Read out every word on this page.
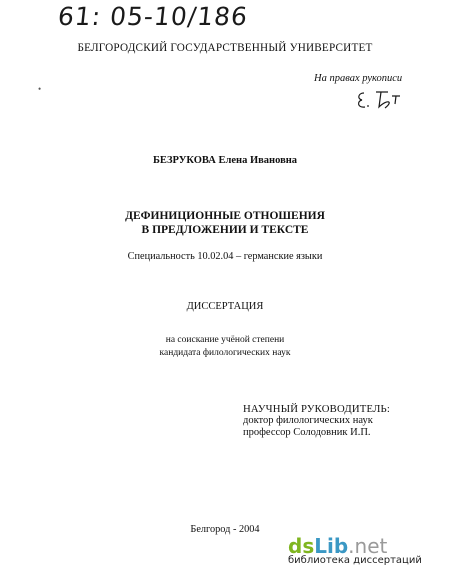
61: 05-10/186
БЕЛГОРОДСКИЙ ГОСУДАРСТВЕННЫЙ УНИВЕРСИТЕТ
На правах рукописи
•
БЕЗРУКОВА Елена Ивановна
ДЕФИНИЦИОННЫЕ ОТНОШЕНИЯ
В ПРЕДЛОЖЕНИИ И ТЕКСТЕ
Специальность 10.02.04 – германские языки
ДИССЕРТАЦИЯ
на соискание учёной степени
кандидата филологических наук
НАУЧНЫЙ РУКОВОДИТЕЛЬ:
доктор филологических наук
профессор Солодовник И.П.
Белгород - 2004
dsLib.net
библиотека диссертаций
